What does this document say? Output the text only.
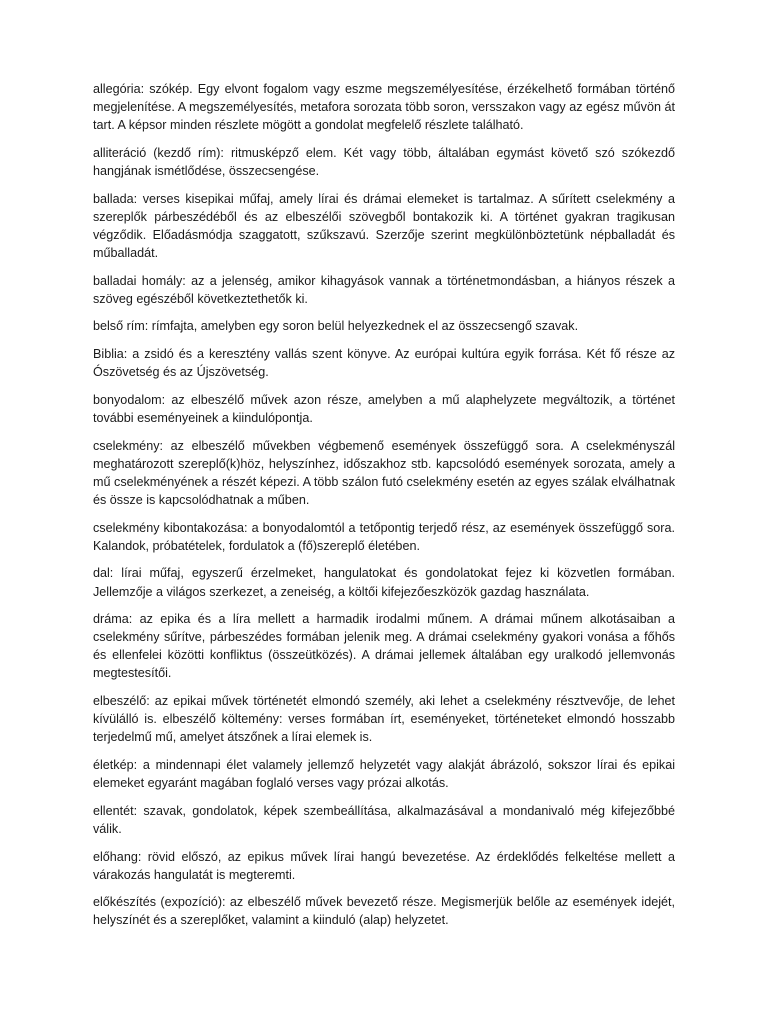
allegória: szókép. Egy elvont fogalom vagy eszme megszemélyesítése, érzékelhető formában történő megjelenítése. A megszemélyesítés, metafora sorozata több soron, versszakon vagy az egész művön át tart. A képsor minden részlete mögött a gondolat megfelelő részlete található.

alliteráció (kezdő rím): ritmusképző elem. Két vagy több, általában egymást követő szó szókezdő hangjának ismétlődése, összecsengése.

ballada: verses kisepikai műfaj, amely lírai és drámai elemeket is tartalmaz. A sűrített cselekmény a szereplők párbeszédéből és az elbeszélői szövegből bontakozik ki. A történet gyakran tragikusan végződik. Előadásmódja szaggatott, szűkszavú. Szerzője szerint megkülönböztetünk népballadát és műballadát.

balladai homály: az a jelenség, amikor kihagyások vannak a történetmondásban, a hiányos részek a szöveg egészéből következtethetők ki.

belső rím: rímfajta, amelyben egy soron belül helyezkednek el az összecsengő szavak.

Biblia: a zsidó és a keresztény vallás szent könyve. Az európai kultúra egyik forrása. Két fő része az Ószövetség és az Újszövetség.

bonyodalom: az elbeszélő művek azon része, amelyben a mű alaphelyzete megváltozik, a történet további eseményeinek a kiindulópontja.

cselekmény: az elbeszélő művekben végbemenő események összefüggő sora. A cselekményszál meghatározott szereplő(k)höz, helyszínhez, időszakhoz stb. kapcsolódó események sorozata, amely a mű cselekményének a részét képezi. A több szálon futó cselekmény esetén az egyes szálak elválhatnak és össze is kapcsolódhatnak a műben.

cselekmény kibontakozása: a bonyodalomtól a tetőpontig terjedő rész, az események összefüggő sora. Kalandok, próbatételek, fordulatok a (fő)szereplő életében.

dal: lírai műfaj, egyszerű érzelmeket, hangulatokat és gondolatokat fejez ki közvetlen formában. Jellemzője a világos szerkezet, a zeneiség, a költői kifejezőeszközök gazdag használata.

dráma: az epika és a líra mellett a harmadik irodalmi műnem. A drámai műnem alkotásaiban a cselekmény sűrítve, párbeszédes formában jelenik meg. A drámai cselekmény gyakori vonása a főhős és ellenfelei közötti konfliktus (összeütközés). A drámai jellemek általában egy uralkodó jellemvonás megtestesítői.

elbeszélő: az epikai művek történetét elmondó személy, aki lehet a cselekmény résztvevője, de lehet kívülálló is. elbeszélő költemény: verses formában írt, eseményeket, történeteket elmondó hosszabb terjedelmű mű, amelyet átszőnek a lírai elemek is.

életkép: a mindennapi élet valamely jellemző helyzetét vagy alakját ábrázoló, sokszor lírai és epikai elemeket egyaránt magában foglaló verses vagy prózai alkotás.

ellentét: szavak, gondolatok, képek szembeállítása, alkalmazásával a mondanivaló még kifejezőbbé válik.

előhang: rövid előszó, az epikus művek lírai hangú bevezetése. Az érdeklődés felkeltése mellett a várakozás hangulatát is megteremti.

előkészítés (expozíció): az elbeszélő művek bevezető része. Megismerjük belőle az események idejét, helyszínét és a szereplőket, valamint a kiinduló (alap) helyzetet.
